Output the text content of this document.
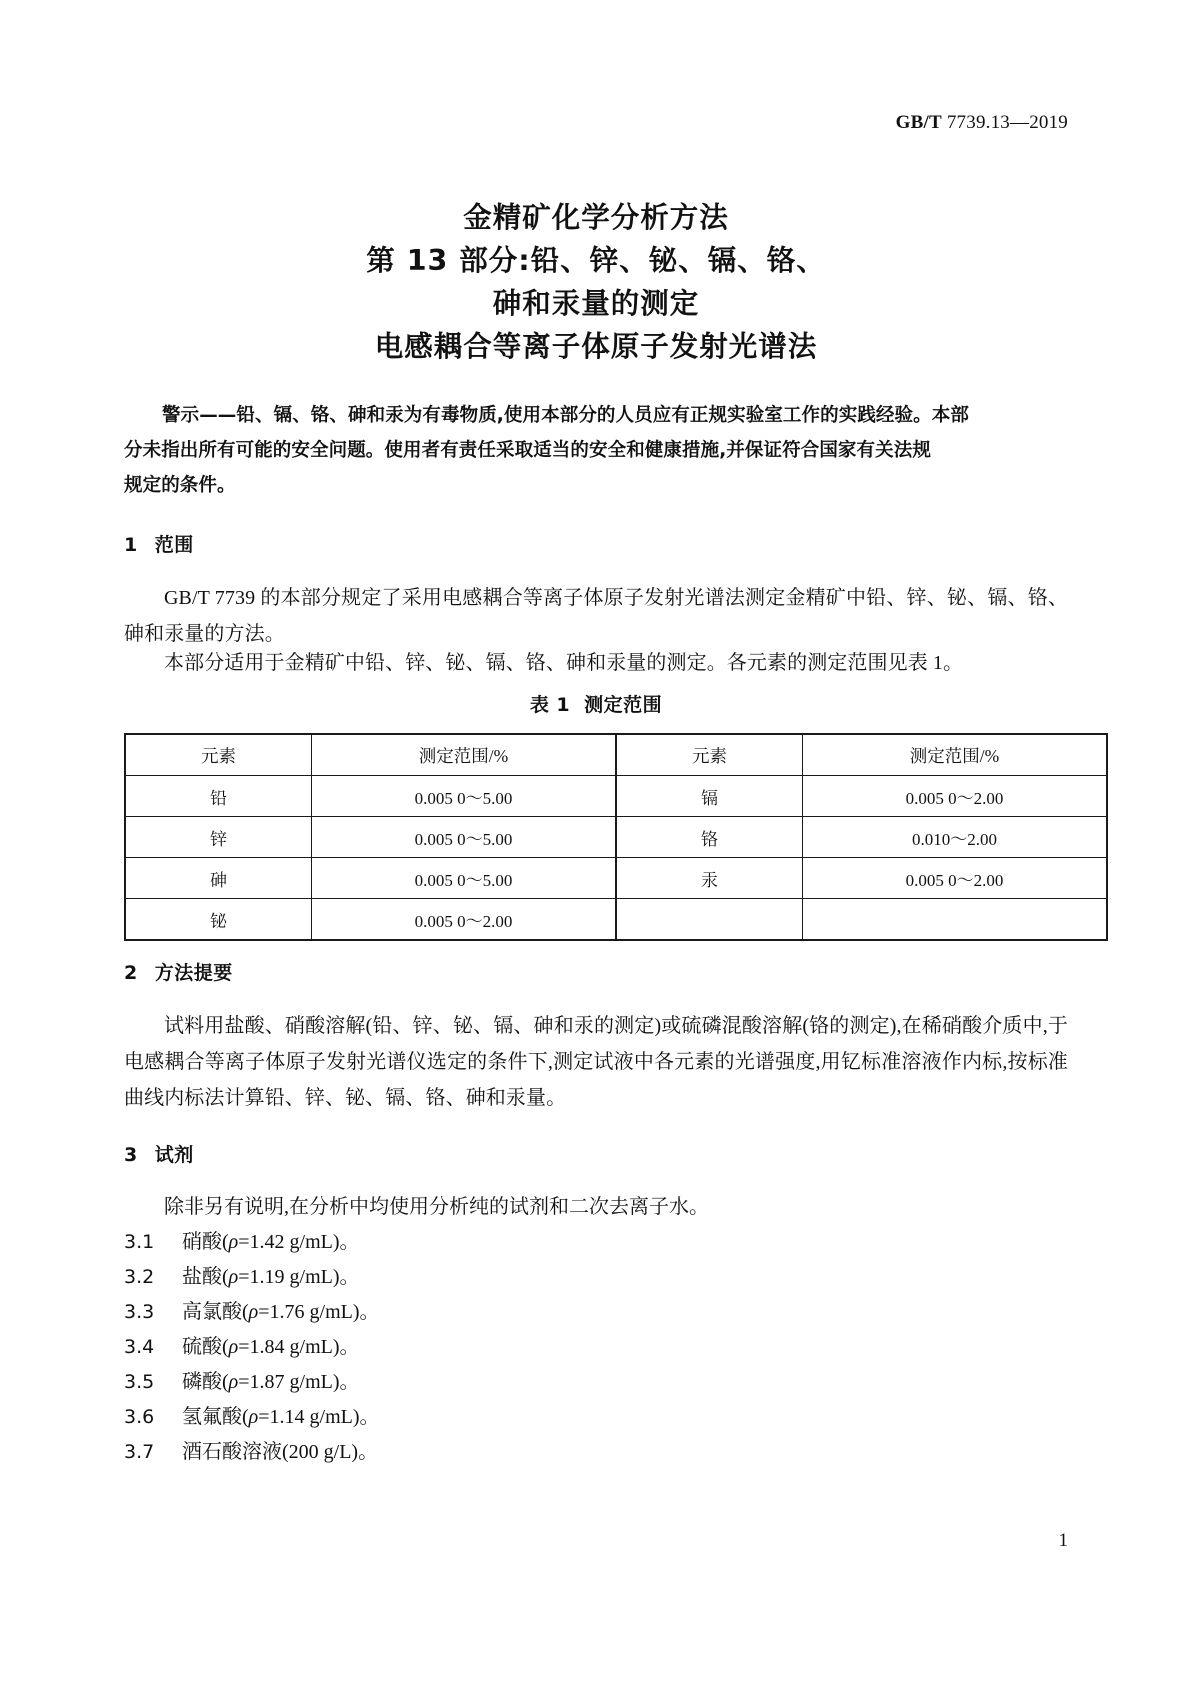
GB/T 7739.13—2019
金精矿化学分析方法
第 13 部分:铅、锌、铋、镉、铬、
砷和汞量的测定
电感耦合等离子体原子发射光谱法
警示——铅、镉、铬、砷和汞为有毒物质,使用本部分的人员应有正规实验室工作的实践经验。本部
分未指出所有可能的安全问题。使用者有责任采取适当的安全和健康措施,并保证符合国家有关法规
规定的条件。
1 范围

GB/T 7739 的本部分规定了采用电感耦合等离子体原子发射光谱法测定金精矿中铅、锌、铋、镉、铬、砷和汞量的方法。

本部分适用于金精矿中铅、锌、铋、镉、铬、砷和汞量的测定。各元素的测定范围见表 1。

表 1 测定范围
元素	测定范围/%	元素	测定范围/%
铅	0.005 0～5.00	镉	0.005 0～2.00
锌	0.005 0～5.00	铬	0.010～2.00
砷	0.005 0～5.00	汞	0.005 0～2.00
铋	0.005 0～2.00		
2 方法提要

试料用盐酸、硝酸溶解(铅、锌、铋、镉、砷和汞的测定)或硫磷混酸溶解(铬的测定),在稀硝酸介质中,于电感耦合等离子体原子发射光谱仪选定的条件下,测定试液中各元素的光谱强度,用钇标准溶液作内标,按标准曲线内标法计算铅、锌、铋、镉、铬、砷和汞量。

3 试剂

除非另有说明,在分析中均使用分析纯的试剂和二次去离子水。

3.1	硝酸(ρ=1.42 g/mL)。
3.2	盐酸(ρ=1.19 g/mL)。
3.3	高氯酸(ρ=1.76 g/mL)。
3.4	硫酸(ρ=1.84 g/mL)。
3.5	磷酸(ρ=1.87 g/mL)。
3.6	氢氟酸(ρ=1.14 g/mL)。
3.7	酒石酸溶液(200 g/L)。
1
